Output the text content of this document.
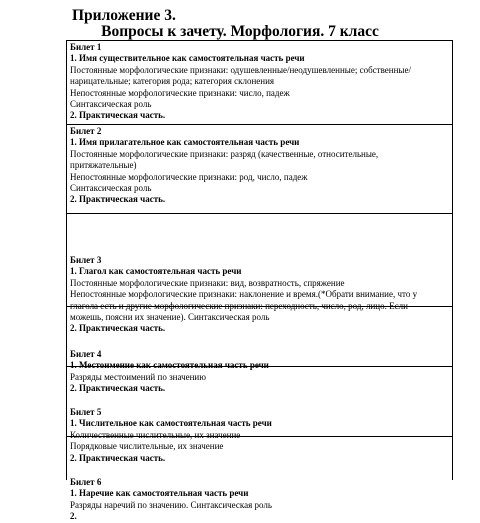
Приложение 3.
Вопросы к зачету. Морфология. 7 класс
Билет 1
1. Имя существительное как самостоятельная часть речи
Постоянные морфологические признаки: одушевленные/неодушевленные; собственные/
нарицательные; категория рода; категория склонения
Непостоянные морфологические признаки: число, падеж
Синтаксическая роль
2. Практическая часть.
Билет 2
1. Имя прилагательное как самостоятельная часть речи
Постоянные морфологические признаки: разряд (качественные, относительные,
притяжательные)
Непостоянные морфологические признаки: род, число, падеж
Синтаксическая роль
2. Практическая часть.
Билет 3
1. Глагол как самостоятельная часть речи
Постоянные морфологические признаки: вид, возвратность, спряжение
Непостоянные морфологические признаки: наклонение и время.(*Обрати внимание, что у
глагола есть и другие морфологические признаки: переходность, число, род, лицо. Если
можешь, поясни их значение). Синтаксическая роль
2. Практическая часть.
Билет 4
1. Местоимение как самостоятельная часть речи
Разряды местоимений по значению
2. Практическая часть.
Билет 5
1. Числительное как самостоятельная часть речи
Количественные числительные, их значение
Порядковые числительные, их значение
2. Практическая часть.
Билет 6
1. Наречие как самостоятельная часть речи
Разряды наречий по значению. Синтаксическая роль
2.
